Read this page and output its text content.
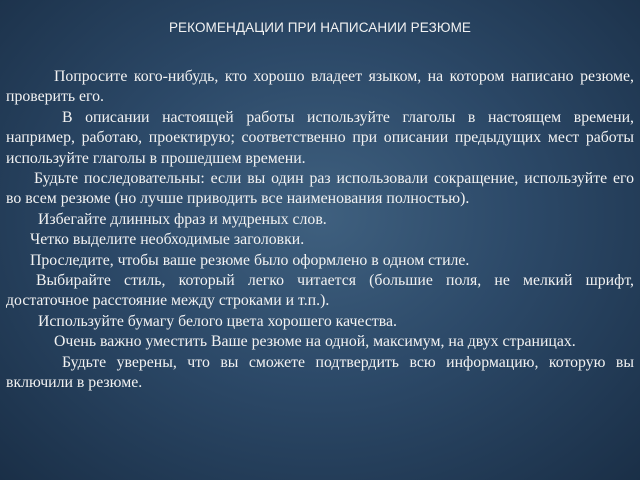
РЕКОМЕНДАЦИИ ПРИ НАПИСАНИИ РЕЗЮМЕ

Попросите кого-нибудь, кто хорошо владеет языком, на котором написано резюме, проверить его.

В описании настоящей работы используйте глаголы в настоящем времени, например, работаю, проектирую; соответственно при описании предыдущих мест работы используйте глаголы в прошедшем времени.

Будьте последовательны: если вы один раз использовали сокращение, используйте его во всем резюме (но лучше приводить все наименования полностью).

Избегайте длинных фраз и мудреных слов.

Четко выделите необходимые заголовки.

Проследите, чтобы ваше резюме было оформлено в одном стиле.

Выбирайте стиль, который легко читается (большие поля, не мелкий шрифт, достаточное расстояние между строками и т.п.).

Используйте бумагу белого цвета хорошего качества.

Очень важно уместить Ваше резюме на одной, максимум, на двух страницах.

Будьте уверены, что вы сможете подтвердить всю информацию, которую вы включили в резюме.
